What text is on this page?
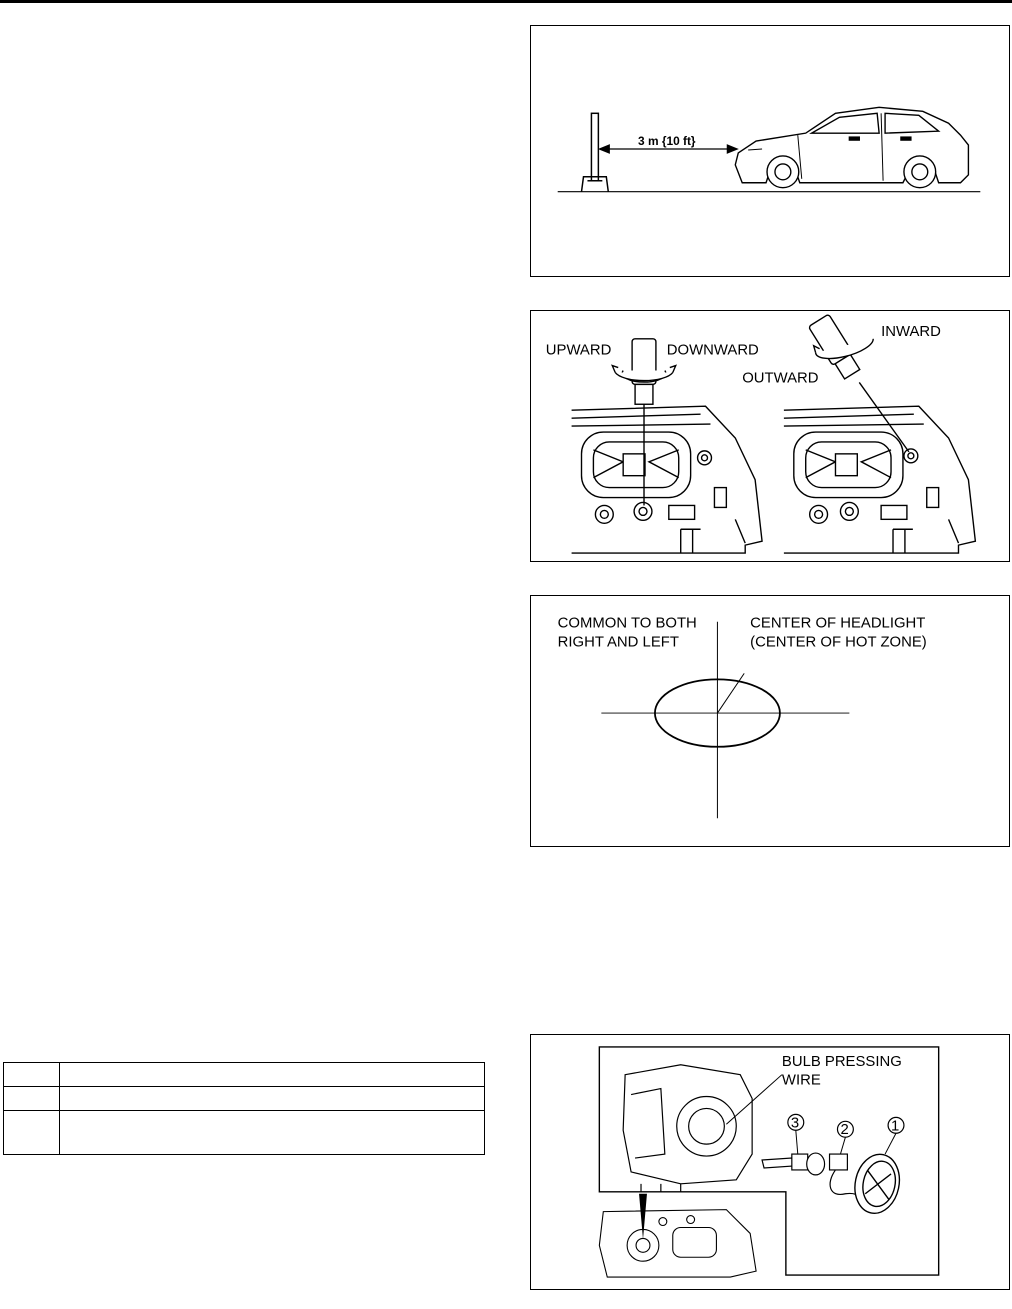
3 m {10 ft}
UPWARD	DOWNWARD
INWARD
OUTWARD
COMMON TO BOTH
RIGHT AND LEFT
CENTER OF HEADLIGHT
(CENTER OF HOT ZONE)

BULB PRESSING
WIRE
1
2
3
